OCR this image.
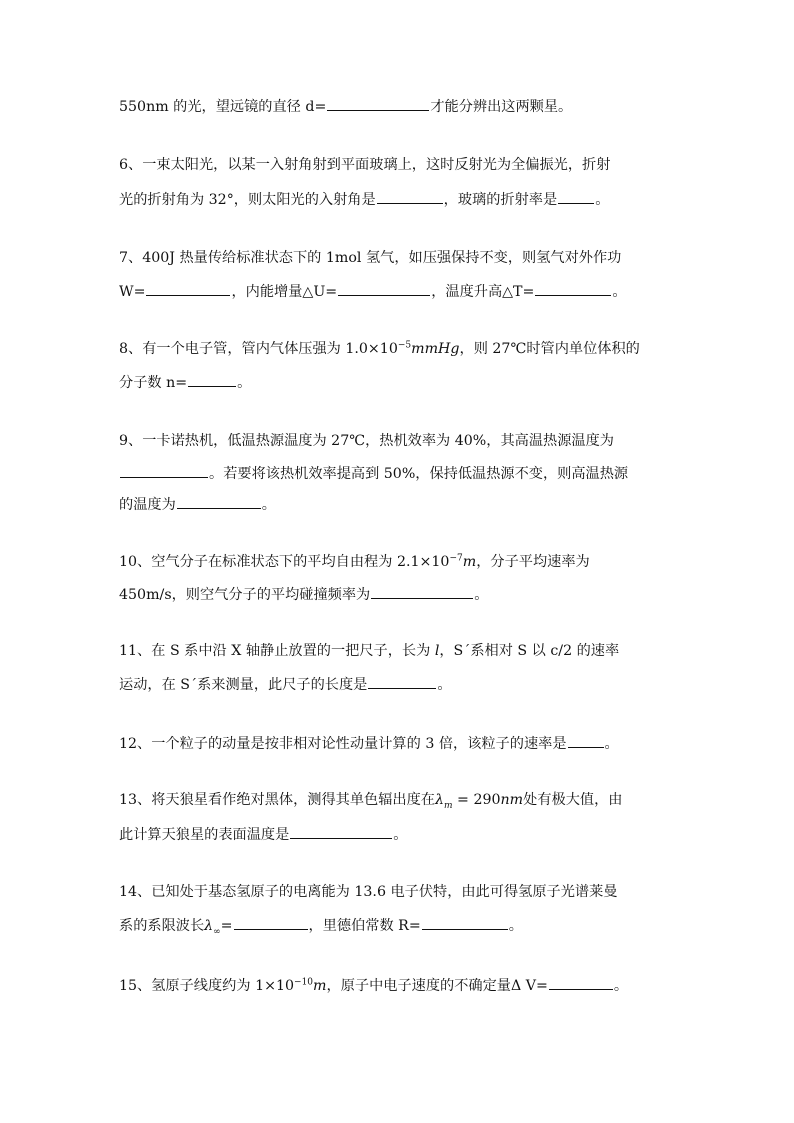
550nm 的光，望远镜的直径 d=	才能分辨出这两颗星。
6、一束太阳光，以某一入射角射到平面玻璃上，这时反射光为全偏振光，折射
光的折射角为 32°，则太阳光的入射角是	，玻璃的折射率是	。
7、400J 热量传给标准状态下的 1mol 氢气，如压强保持不变，则氢气对外作功
W=	，内能增量△U=	，温度升高△T=	。
8、有一个电子管，管内气体压强为 $1.0\times 10^{-5}mmHg$，则 27℃时管内单位体积的
分子数 n=	。
9、一卡诺热机，低温热源温度为 27℃，热机效率为 40%，其高温热源温度为
。若要将该热机效率提高到 50%，保持低温热源不变，则高温热源
的温度为	。
10、空气分子在标准状态下的平均自由程为 $2.1\times 10^{-7}m$，分子平均速率为
450m/s，则空气分子的平均碰撞频率为	。
11、在 S 系中沿 X 轴静止放置的一把尺子，长为 l，S´系相对 S 以 c/2 的速率
运动，在 S´系来测量，此尺子的长度是	。
12、一个粒子的动量是按非相对论性动量计算的 3 倍，该粒子的速率是	。
13、将天狼星看作绝对黑体，测得其单色辐出度在$\lambda_m = 290nm$处有极大值，由
此计算天狼星的表面温度是	。
14、已知处于基态氢原子的电离能为 13.6 电子伏特，由此可得氢原子光谱莱曼
系的系限波长$\lambda_\infty=$	，里德伯常数 R=	。
15、氢原子线度约为 $1\times 10^{-10}m$，原子中电子速度的不确定量Δ V=	。
